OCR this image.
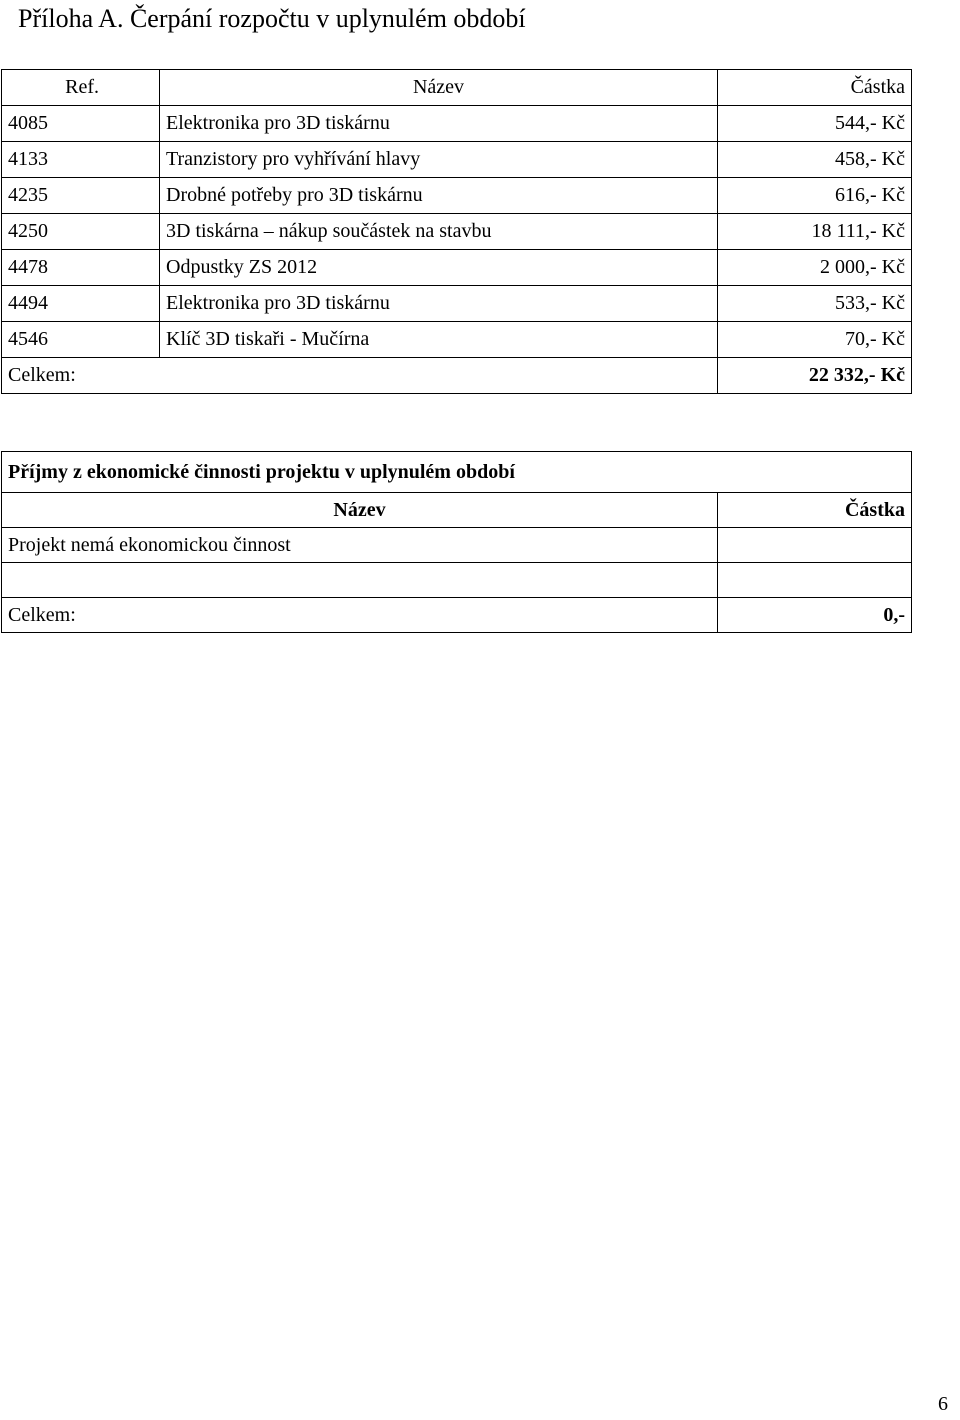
Příloha A. Čerpání rozpočtu v uplynulém období
Ref.	Název	Částka
4085	Elektronika pro 3D tiskárnu	544,- Kč
4133	Tranzistory pro vyhřívání hlavy	458,- Kč
4235	Drobné potřeby pro 3D tiskárnu	616,- Kč
4250	3D tiskárna – nákup součástek na stavbu	18 111,- Kč
4478	Odpustky ZS 2012	2 000,- Kč
4494	Elektronika pro 3D tiskárnu	533,- Kč
4546	Klíč 3D tiskaři - Mučírna	70,- Kč
Celkem:		22 332,- Kč
Příjmy z ekonomické činnosti projektu v uplynulém období	
Název	Částka
Projekt nemá ekonomickou činnost	

Celkem:	0,-
6
